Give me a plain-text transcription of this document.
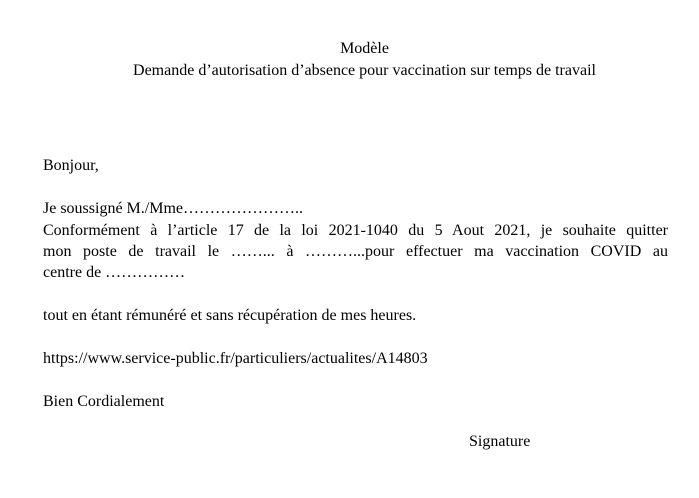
Modèle
Demande d’autorisation d’absence pour vaccination sur temps de travail
Bonjour,
Je soussigné M./Mme…………………..
Conformément à l’article 17 de la loi 2021-1040 du 5 Aout 2021, je souhaite quitter
mon poste de travail le ……... à ………...pour effectuer ma vaccination COVID au
centre de ……………
tout en étant rémunéré et sans récupération de mes heures.
https://www.service-public.fr/particuliers/actualites/A14803
Bien Cordialement
Signature
